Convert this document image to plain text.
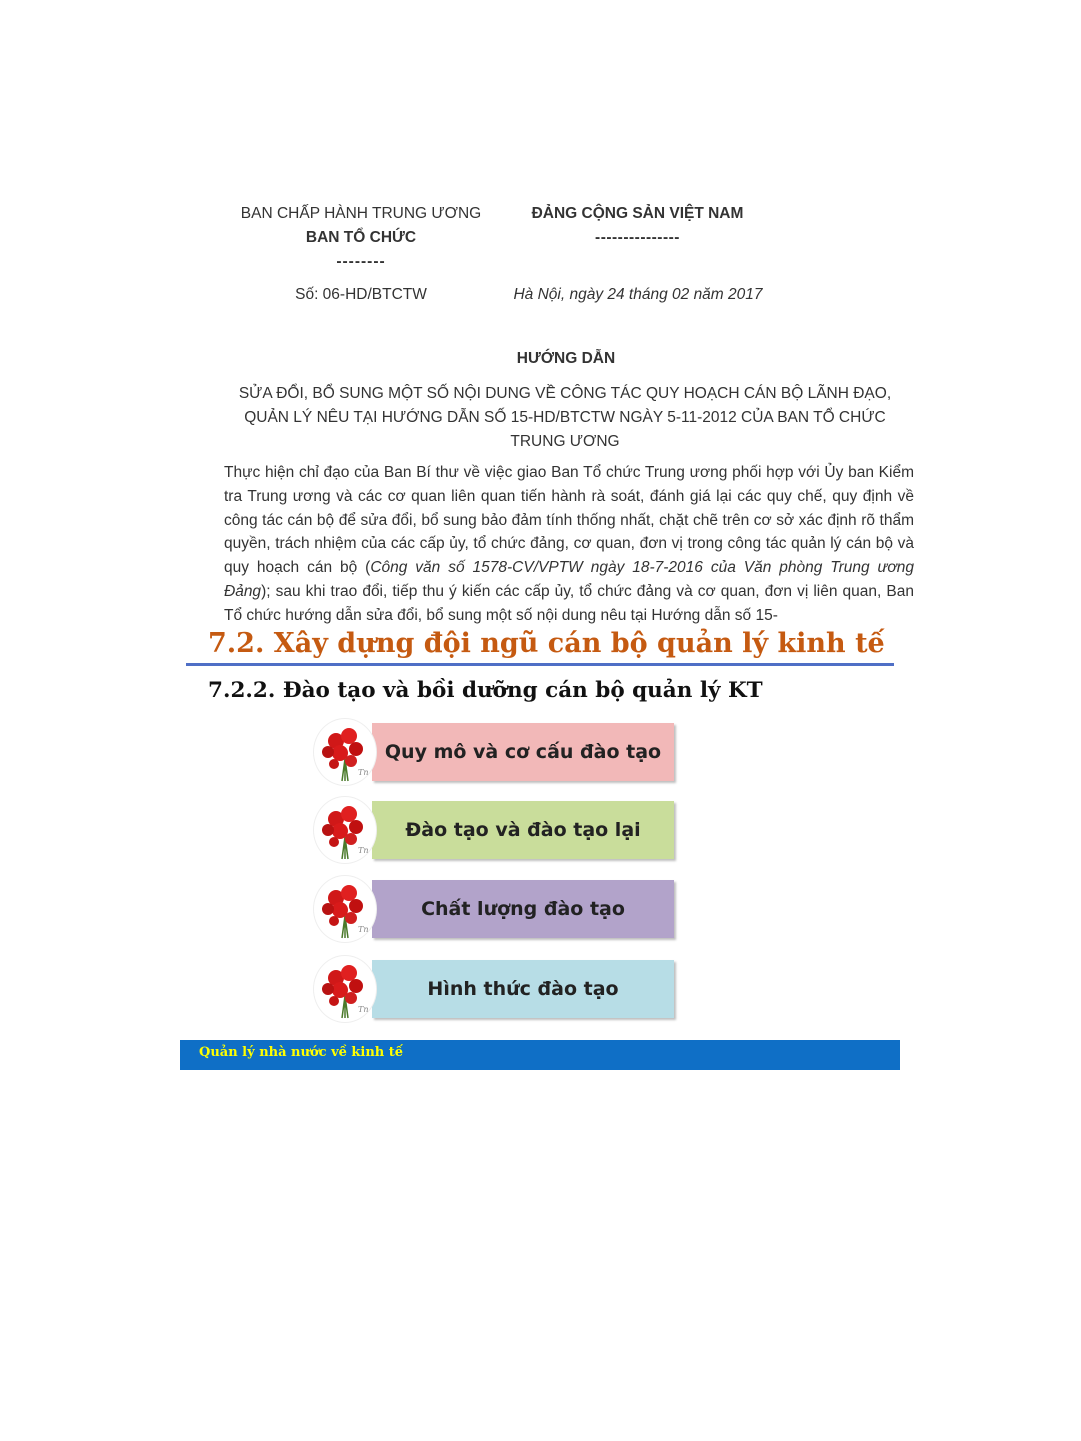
BAN CHẤP HÀNH TRUNG ƯƠNG
BAN TỔ CHỨC
--------
ĐẢNG CỘNG SẢN VIỆT NAM
---------------
Số: 06-HD/BTCTW	Hà Nội, ngày 24 tháng 02 năm 2017
HƯỚNG DẪN
SỬA ĐỔI, BỔ SUNG MỘT SỐ NỘI DUNG VỀ CÔNG TÁC QUY HOẠCH CÁN BỘ LÃNH ĐẠO, QUẢN LÝ NÊU TẠI HƯỚNG DẪN SỐ 15-HD/BTCTW NGÀY 5-11-2012 CỦA BAN TỔ CHỨC TRUNG ƯƠNG
Thực hiện chỉ đạo của Ban Bí thư về việc giao Ban Tổ chức Trung ương phối hợp với Ủy ban Kiểm tra Trung ương và các cơ quan liên quan tiến hành rà soát, đánh giá lại các quy chế, quy định về công tác cán bộ để sửa đổi, bổ sung bảo đảm tính thống nhất, chặt chẽ trên cơ sở xác định rõ thẩm quyền, trách nhiệm của các cấp ủy, tổ chức đảng, cơ quan, đơn vị trong công tác quản lý cán bộ và quy hoạch cán bộ (Công văn số 1578-CV/VPTW ngày 18-7-2016 của Văn phòng Trung ương Đảng); sau khi trao đổi, tiếp thu ý kiến các cấp ủy, tổ chức đảng và cơ quan, đơn vị liên quan, Ban Tổ chức hướng dẫn sửa đổi, bổ sung một số nội dung nêu tại Hướng dẫn số 15-
7.2. Xây dựng đội ngũ cán bộ quản lý kinh tế
7.2.2. Đào tạo và bồi dưỡng cán bộ quản lý KT
Quy mô và cơ cấu đào tạo
Tn
Đào tạo và đào tạo lại
Tn
Chất lượng đào tạo
Tn
Hình thức đào tạo
Tn
Quản lý nhà nước về kinh tế
